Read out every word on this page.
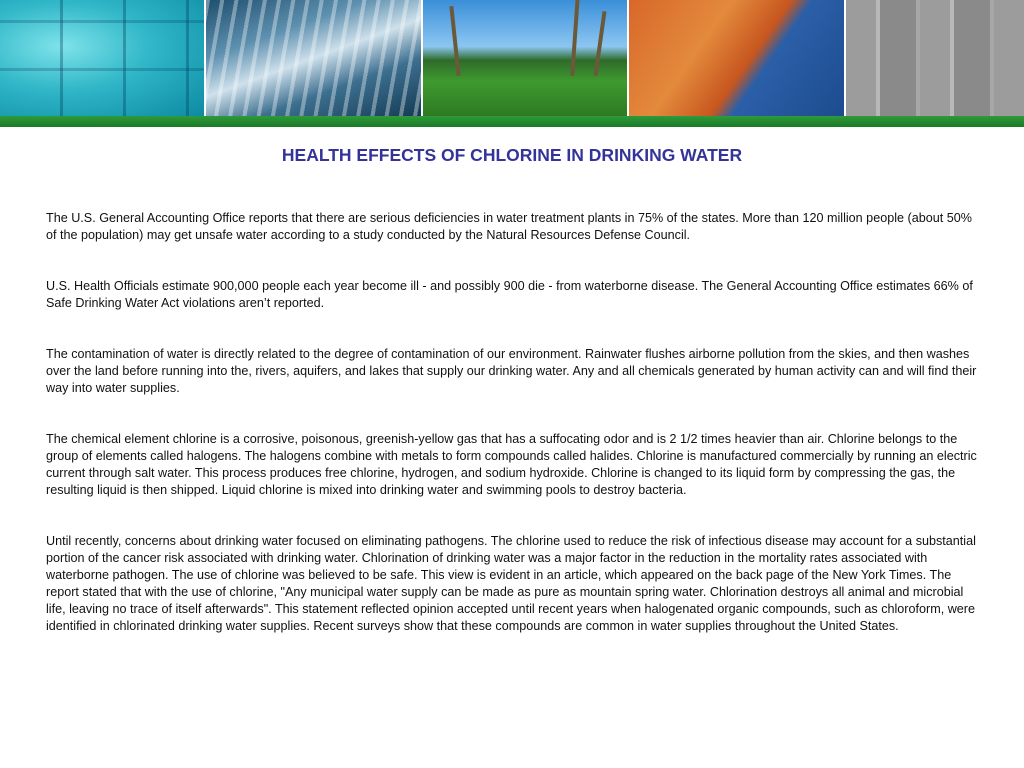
HEALTH EFFECTS OF CHLORINE IN DRINKING WATER

The U.S. General Accounting Office reports that there are serious deficiencies in water treatment plants in 75% of the states. More than 120 million people (about 50% of the population) may get unsafe water according to a study conducted by the Natural Resources Defense Council.

U.S. Health Officials estimate 900,000 people each year become ill - and possibly 900 die - from waterborne disease. The General Accounting Office estimates 66% of Safe Drinking Water Act violations aren’t reported.

The contamination of water is directly related to the degree of contamination of our environment. Rainwater flushes airborne pollution from the skies, and then washes over the land before running into the, rivers, aquifers, and lakes that supply our drinking water. Any and all chemicals generated by human activity can and will find their way into water supplies.

The chemical element chlorine is a corrosive, poisonous, greenish-yellow gas that has a suffocating odor and is 2 1/2 times heavier than air. Chlorine belongs to the group of elements called halogens. The halogens combine with metals to form compounds called halides. Chlorine is manufactured commercially by running an electric current through salt water. This process produces free chlorine, hydrogen, and sodium hydroxide. Chlorine is changed to its liquid form by compressing the gas, the resulting liquid is then shipped. Liquid chlorine is mixed into drinking water and swimming pools to destroy bacteria.

Until recently, concerns about drinking water focused on eliminating pathogens. The chlorine used to reduce the risk of infectious disease may account for a substantial portion of the cancer risk associated with drinking water. Chlorination of drinking water was a major factor in the reduction in the mortality rates associated with waterborne pathogen. The use of chlorine was believed to be safe. This view is evident in an article, which appeared on the back page of the New York Times. The report stated that with the use of chlorine, "Any municipal water supply can be made as pure as mountain spring water. Chlorination destroys all animal and microbial life, leaving no trace of itself afterwards". This statement reflected opinion accepted until recent years when halogenated organic compounds, such as chloroform, were identified in chlorinated drinking water supplies. Recent surveys show that these compounds are common in water supplies throughout the United States.
